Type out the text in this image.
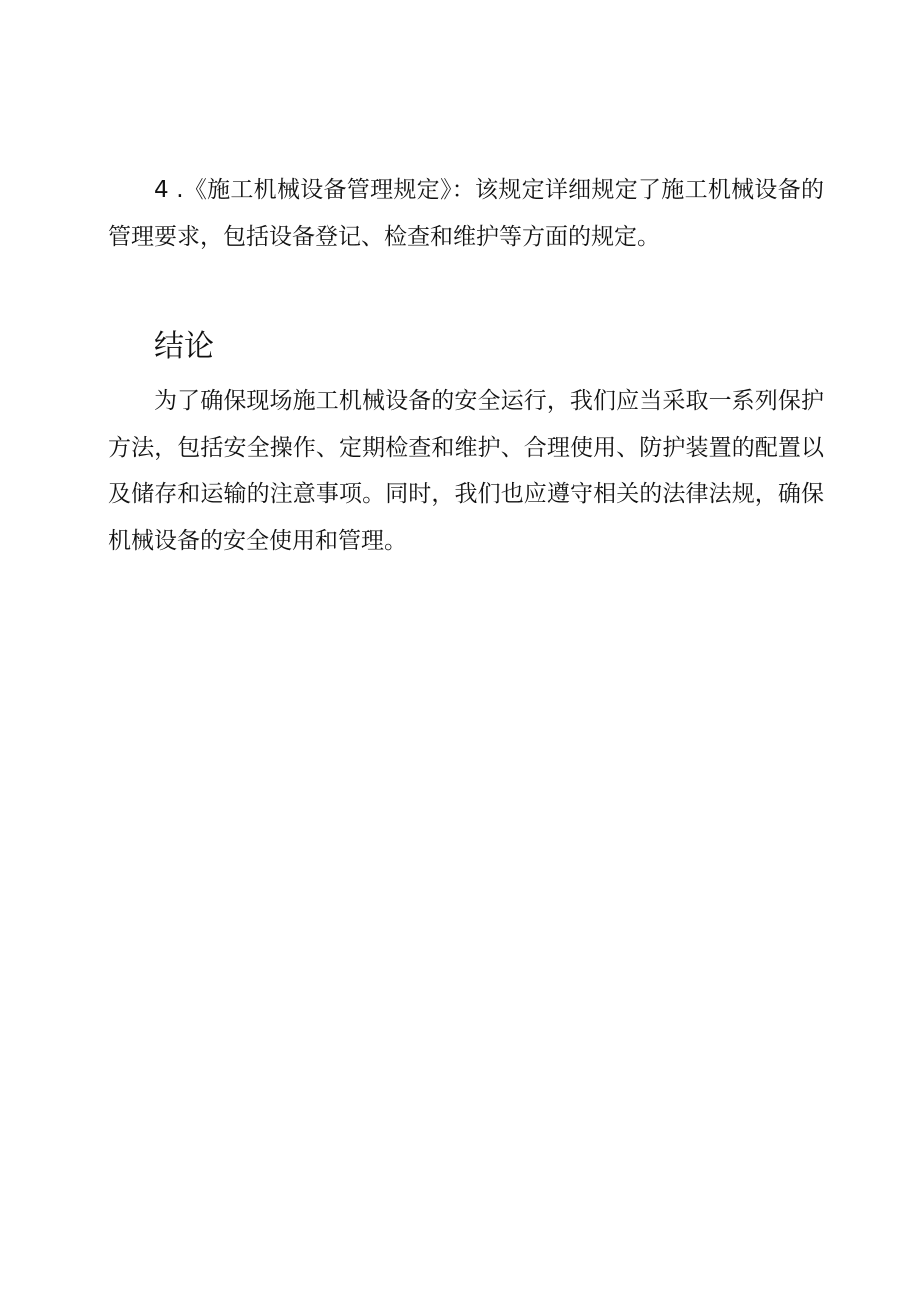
4 .《施工机械设备管理规定》：该规定详细规定了施工机械设备的管理要求，包括设备登记、检查和维护等方面的规定。

结论

为了确保现场施工机械设备的安全运行，我们应当采取一系列保护方法，包括安全操作、定期检查和维护、合理使用、防护装置的配置以及储存和运输的注意事项。同时，我们也应遵守相关的法律法规，确保机械设备的安全使用和管理。
